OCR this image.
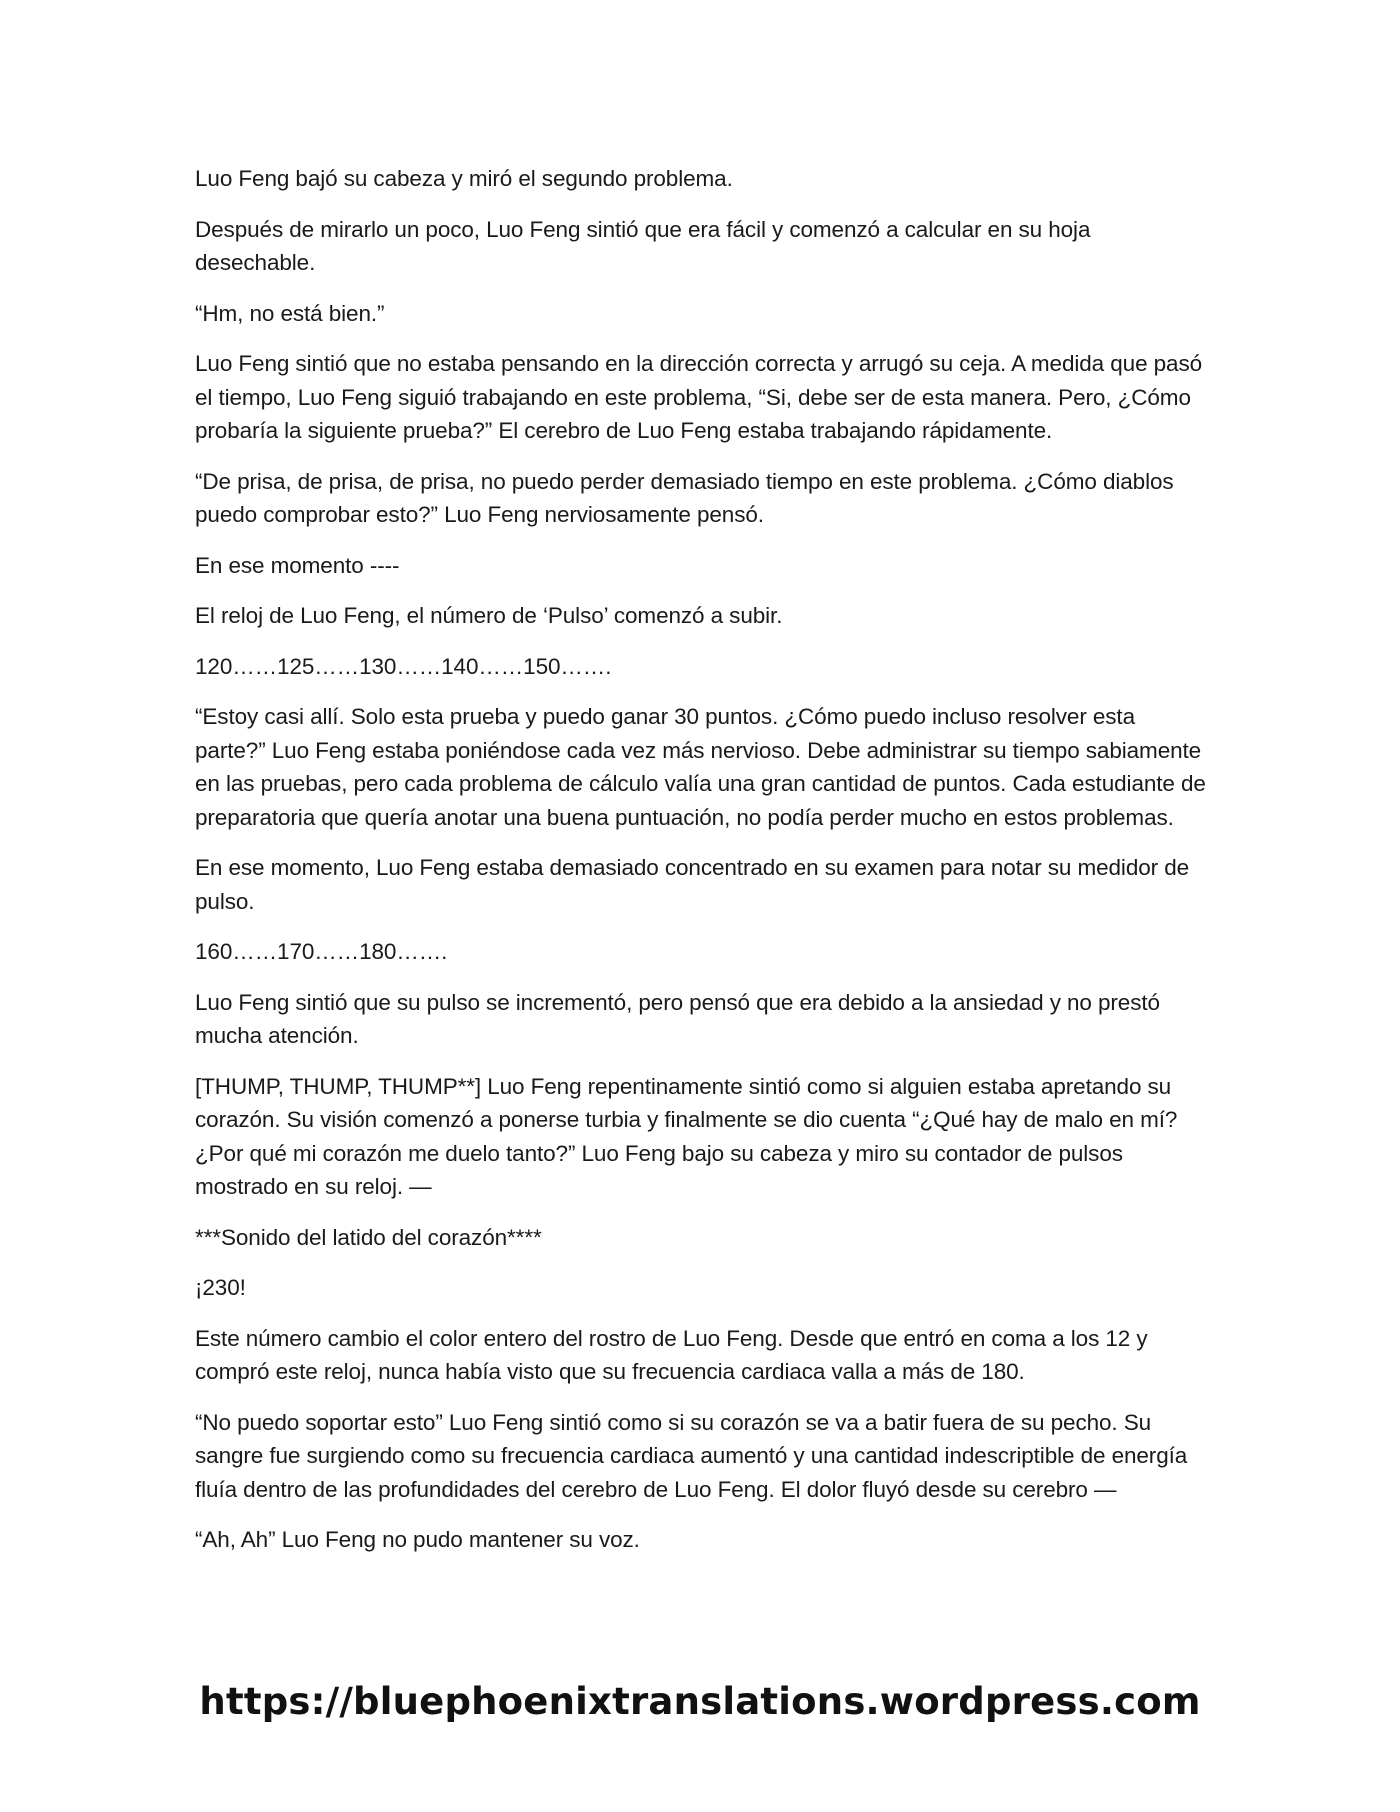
Luo Feng bajó su cabeza y miró el segundo problema.

Después de mirarlo un poco, Luo Feng sintió que era fácil y comenzó a calcular en su hoja desechable.

“Hm, no está bien.”

Luo Feng sintió que no estaba pensando en la dirección correcta y arrugó su ceja. A medida que pasó el tiempo, Luo Feng siguió trabajando en este problema, “Si, debe ser de esta manera. Pero, ¿Cómo probaría la siguiente prueba?” El cerebro de Luo Feng estaba trabajando rápidamente.

“De prisa, de prisa, de prisa, no puedo perder demasiado tiempo en este problema. ¿Cómo diablos puedo comprobar esto?” Luo Feng nerviosamente pensó.

En ese momento ----

El reloj de Luo Feng, el número de ‘Pulso’ comenzó a subir.

120……125……130……140……150…….

“Estoy casi allí. Solo esta prueba y puedo ganar 30 puntos. ¿Cómo puedo incluso resolver esta parte?” Luo Feng estaba poniéndose cada vez más nervioso. Debe administrar su tiempo sabiamente en las pruebas, pero cada problema de cálculo valía una gran cantidad de puntos. Cada estudiante de preparatoria que quería anotar una buena puntuación, no podía perder mucho en estos problemas.

En ese momento, Luo Feng estaba demasiado concentrado en su examen para notar su medidor de pulso.

160……170……180…….

Luo Feng sintió que su pulso se incrementó, pero pensó que era debido a la ansiedad y no prestó mucha atención.

[THUMP, THUMP, THUMP**] Luo Feng repentinamente sintió como si alguien estaba apretando su corazón. Su visión comenzó a ponerse turbia y finalmente se dio cuenta “¿Qué hay de malo en mí? ¿Por qué mi corazón me duelo tanto?” Luo Feng bajo su cabeza y miro su contador de pulsos mostrado en su reloj. —

***Sonido del latido del corazón****

¡230!

Este número cambio el color entero del rostro de Luo Feng. Desde que entró en coma a los 12 y compró este reloj, nunca había visto que su frecuencia cardiaca valla a más de 180.

“No puedo soportar esto” Luo Feng sintió como si su corazón se va a batir fuera de su pecho. Su sangre fue surgiendo como su frecuencia cardiaca aumentó y una cantidad indescriptible de energía fluía dentro de las profundidades del cerebro de Luo Feng. El dolor fluyó desde su cerebro —

“Ah, Ah” Luo Feng no pudo mantener su voz.

https://bluephoenixtranslations.wordpress.com
